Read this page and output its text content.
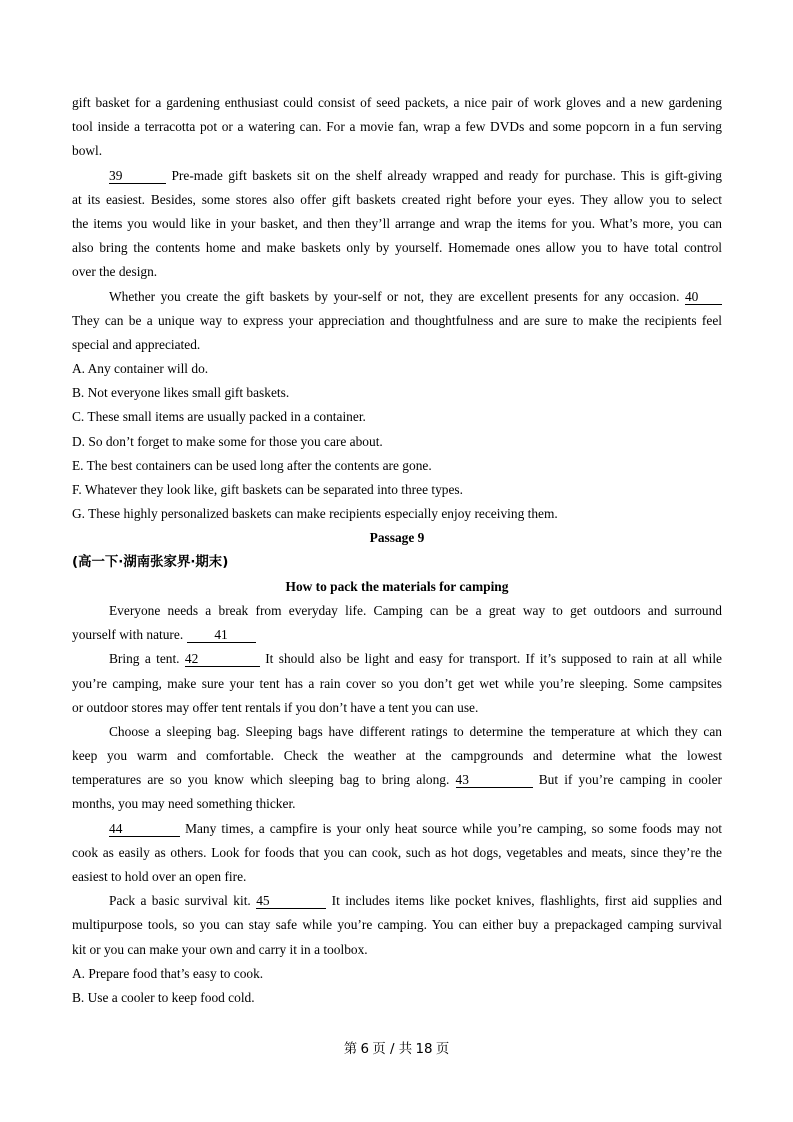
gift basket for a gardening enthusiast could consist of seed packets, a nice pair of work gloves and a new gardening
tool inside a terracotta pot or a watering can. For a movie fan, wrap a few DVDs and some popcorn in a fun serving
bowl.
39	Pre-made gift baskets sit on the shelf already wrapped and ready for purchase. This is gift-giving
at its easiest. Besides, some stores also offer gift baskets created right before your eyes. They allow you to select
the items you would like in your basket, and then they’ll arrange and wrap the items for you. What’s more, you can
also bring the contents home and make baskets only by yourself. Homemade ones allow you to have total control
over the design.
Whether you create the gift baskets by your-self or not, they are excellent presents for any occasion. 40
They can be a unique way to express your appreciation and thoughtfulness and are sure to make the recipients feel
special and appreciated.
A. Any container will do.
B. Not everyone likes small gift baskets.
C. These small items are usually packed in a container.
D. So don’t forget to make some for those you care about.
E. The best containers can be used long after the contents are gone.
F. Whatever they look like, gift baskets can be separated into three types.
G. These highly personalized baskets can make recipients especially enjoy receiving them.
Passage 9
(高一下·湖南张家界·期末)
How to pack the materials for camping
Everyone needs a break from everyday life. Camping can be a great way to get outdoors and surround
yourself with nature. 41
Bring a tent. 42	It should also be light and easy for transport. If it’s supposed to rain at all while
you’re camping, make sure your tent has a rain cover so you don’t get wet while you’re sleeping. Some campsites
or outdoor stores may offer tent rentals if you don’t have a tent you can use.
Choose a sleeping bag. Sleeping bags have different ratings to determine the temperature at which they can
keep you warm and comfortable. Check the weather at the campgrounds and determine what the lowest
temperatures are so you know which sleeping bag to bring along. 43	But if you’re camping in cooler
months, you may need something thicker.
44	Many times, a campfire is your only heat source while you’re camping, so some foods may not
cook as easily as others. Look for foods that you can cook, such as hot dogs, vegetables and meats, since they’re the
easiest to hold over an open fire.
Pack a basic survival kit. 45	It includes items like pocket knives, flashlights, first aid supplies and
multipurpose tools, so you can stay safe while you’re camping. You can either buy a prepackaged camping survival
kit or you can make your own and carry it in a toolbox.
A. Prepare food that’s easy to cook.
B. Use a cooler to keep food cold.
第 6 页 / 共 18 页
